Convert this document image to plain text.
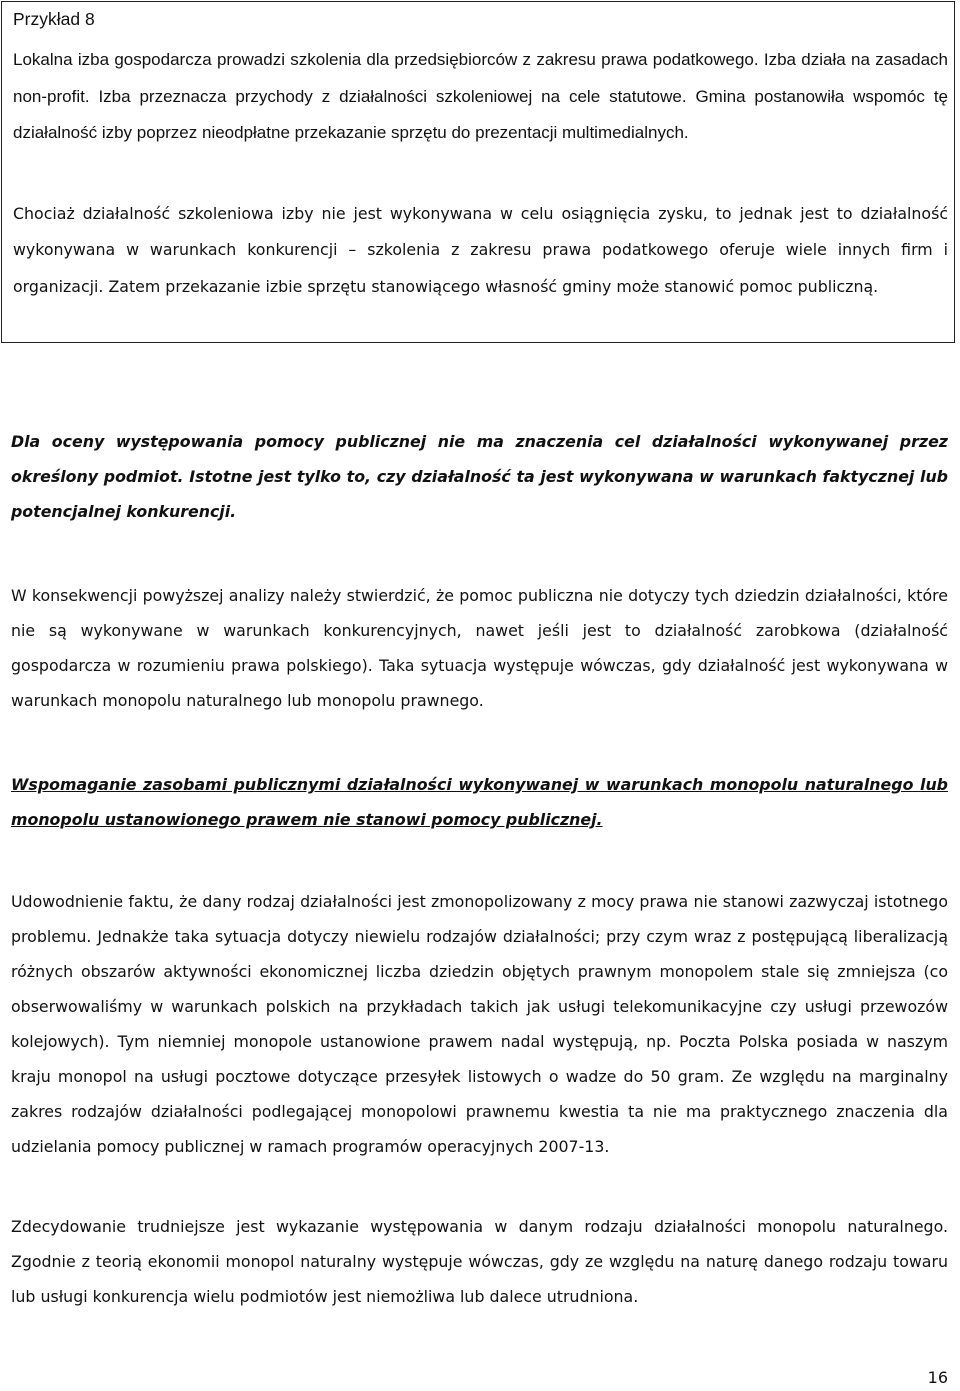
Przykład 8

Lokalna izba gospodarcza prowadzi szkolenia dla przedsiębiorców z zakresu prawa podatkowego. Izba działa na zasadach non-profit. Izba przeznacza przychody z działalności szkoleniowej na cele statutowe. Gmina postanowiła wspomóc tę działalność izby poprzez nieodpłatne przekazanie sprzętu do prezentacji multimedialnych.

Chociaż działalność szkoleniowa izby nie jest wykonywana w celu osiągnięcia zysku, to jednak jest to działalność wykonywana w warunkach konkurencji – szkolenia z zakresu prawa podatkowego oferuje wiele innych firm i organizacji. Zatem przekazanie izbie sprzętu stanowiącego własność gminy może stanowić pomoc publiczną.

Dla oceny występowania pomocy publicznej nie ma znaczenia cel działalności wykonywanej przez określony podmiot. Istotne jest tylko to, czy działalność ta jest wykonywana w warunkach faktycznej lub potencjalnej konkurencji.

W konsekwencji powyższej analizy należy stwierdzić, że pomoc publiczna nie dotyczy tych dziedzin działalności, które nie są wykonywane w warunkach konkurencyjnych, nawet jeśli jest to działalność zarobkowa (działalność gospodarcza w rozumieniu prawa polskiego). Taka sytuacja występuje wówczas, gdy działalność jest wykonywana w warunkach monopolu naturalnego lub monopolu prawnego.

Wspomaganie zasobami publicznymi działalności wykonywanej w warunkach monopolu naturalnego lub monopolu ustanowionego prawem nie stanowi pomocy publicznej.

Udowodnienie faktu, że dany rodzaj działalności jest zmonopolizowany z mocy prawa nie stanowi zazwyczaj istotnego problemu. Jednakże taka sytuacja dotyczy niewielu rodzajów działalności; przy czym wraz z postępującą liberalizacją różnych obszarów aktywności ekonomicznej liczba dziedzin objętych prawnym monopolem stale się zmniejsza (co obserwowaliśmy w warunkach polskich na przykładach takich jak usługi telekomunikacyjne czy usługi przewozów kolejowych). Tym niemniej monopole ustanowione prawem nadal występują, np. Poczta Polska posiada w naszym kraju monopol na usługi pocztowe dotyczące przesyłek listowych o wadze do 50 gram. Ze względu na marginalny zakres rodzajów działalności podlegającej monopolowi prawnemu kwestia ta nie ma praktycznego znaczenia dla udzielania pomocy publicznej w ramach programów operacyjnych 2007-13.

Zdecydowanie trudniejsze jest wykazanie występowania w danym rodzaju działalności monopolu naturalnego. Zgodnie z teorią ekonomii monopol naturalny występuje wówczas, gdy ze względu na naturę danego rodzaju towaru lub usługi konkurencja wielu podmiotów jest niemożliwa lub dalece utrudniona.

16
